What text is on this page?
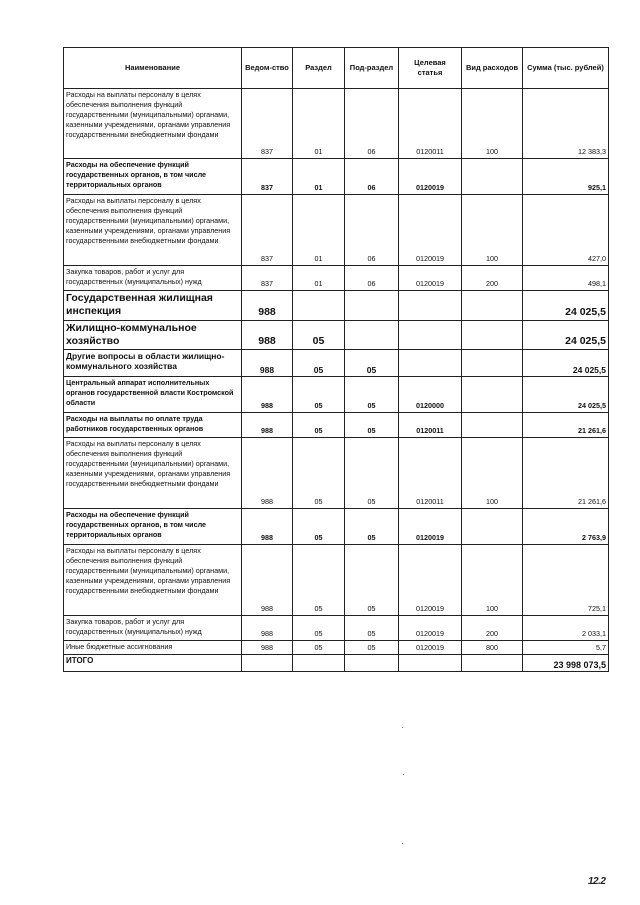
Наименование	Ведом-ство	Раздел	Под-раздел	Целевая статья	Вид расходов	Сумма (тыс. рублей)
Расходы на выплаты персоналу в целях обеспечения выполнения функций государственными (муниципальными) органами, казенными учреждениями, органами управления государственными внебюджетными фондами	837	01	06	0120011	100	12 383,3
Расходы на обеспечение функций государственных органов, в том числе территориальных органов	837	01	06	0120019		925,1
Расходы на выплаты персоналу в целях обеспечения выполнения функций государственными (муниципальными) органами, казенными учреждениями, органами управления государственными внебюджетными фондами	837	01	06	0120019	100	427,0
Закупка товаров, работ и услуг для государственных (муниципальных) нужд	837	01	06	0120019	200	498,1
Государственная жилищная инспекция	988					24 025,5
Жилищно-коммунальное хозяйство	988	05				24 025,5
Другие вопросы в области жилищно-коммунального хозяйства	988	05	05			24 025,5
Центральный аппарат исполнительных органов государственной власти Костромской области	988	05	05	0120000		24 025,5
Расходы на выплаты по оплате труда работников государственных органов	988	05	05	0120011		21 261,6
Расходы на выплаты персоналу в целях обеспечения выполнения функций государственными (муниципальными) органами, казенными учреждениями, органами управления государственными внебюджетными фондами	988	05	05	0120011	100	21 261,6
Расходы на обеспечение функций государственных органов, в том числе территориальных органов	988	05	05	0120019		2 763,9
Расходы на выплаты персоналу в целях обеспечения выполнения функций государственными (муниципальными) органами, казенными учреждениями, органами управления государственными внебюджетными фондами	988	05	05	0120019	100	725,1
Закупка товаров, работ и услуг для государственных (муниципальных) нужд	988	05	05	0120019	200	2 033,1
Иные бюджетные ассигнования	988	05	05	0120019	800	5,7
ИТОГО						23 998 073,5
12.2
